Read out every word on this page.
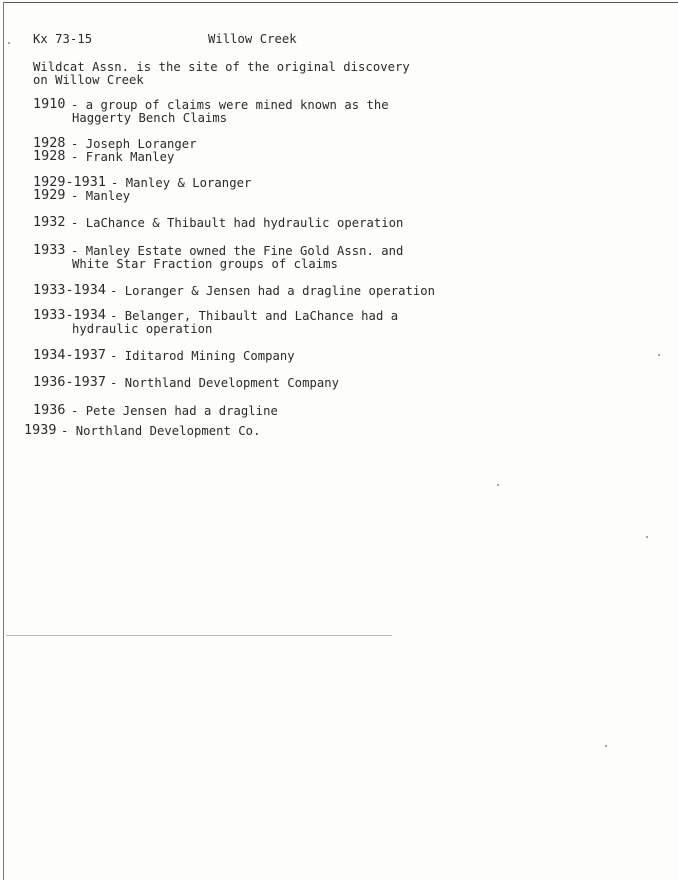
Kx 73-15	Willow Creek
Wildcat Assn. is the site of the original discovery
on Willow Creek
1910 - a group of claims were mined known as the
Haggerty Bench Claims
1928 - Joseph Loranger
1928 - Frank Manley
1929-1931 - Manley & Loranger
1929 - Manley
1932 - LaChance & Thibault had hydraulic operation
1933 - Manley Estate owned the Fine Gold Assn. and
White Star Fraction groups of claims
1933-1934 - Loranger & Jensen had a dragline operation
1933-1934 - Belanger, Thibault and LaChance had a
hydraulic operation
1934-1937 - Iditarod Mining Company
1936-1937 - Northland Development Company
1936 - Pete Jensen had a dragline
1939 - Northland Development Co.
